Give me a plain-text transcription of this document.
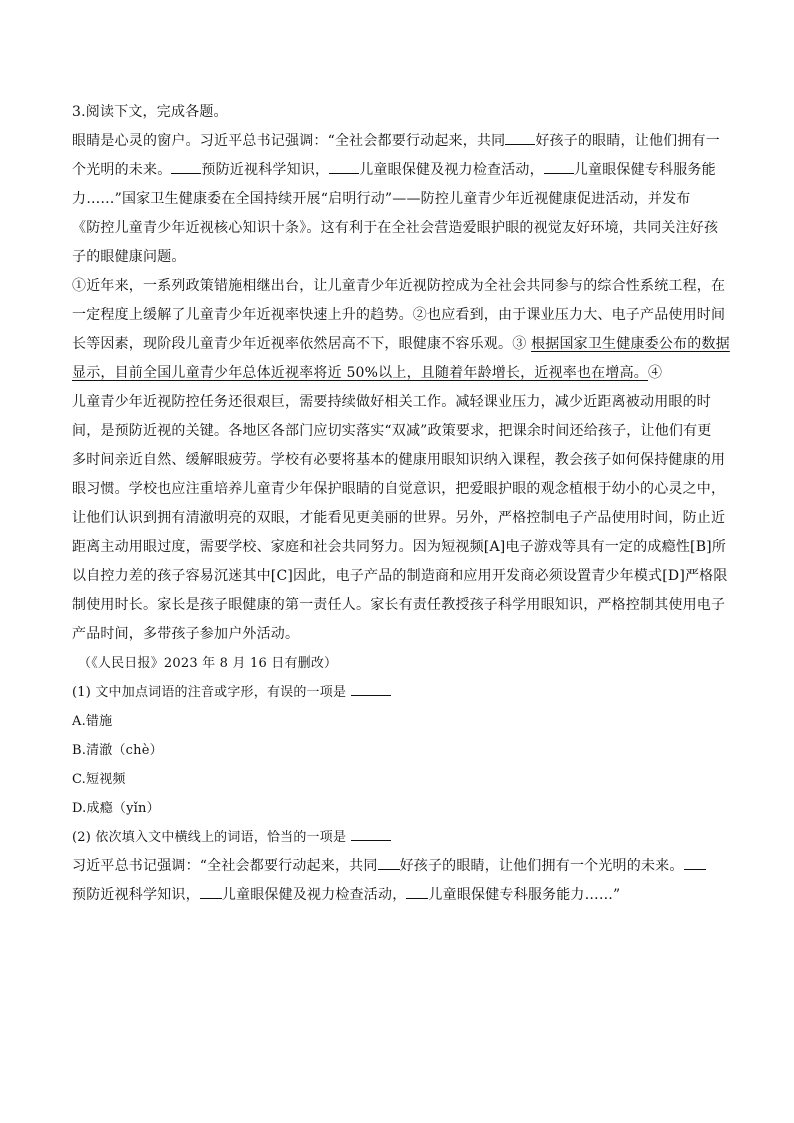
3.阅读下文，完成各题。
眼睛是心灵的窗户。习近平总书记强调：“全社会都要行动起来，共同 好孩子的眼睛，让他们拥有一
个光明的未来。 预防近视科学知识， 儿童眼保健及视力检查活动， 儿童眼保健专科服务能
力……”国家卫生健康委在全国持续开展“启明行动”——防控儿童青少年近视健康促进活动，并发布
《防控儿童青少年近视核心知识十条》。这有利于在全社会营造爱眼护眼的视觉友好环境，共同关注好孩
子的眼健康问题。
①近年来，一系列政策错施相继出台，让儿童青少年近视防控成为全社会共同参与的综合性系统工程，在
一定程度上缓解了儿童青少年近视率快速上升的趋势。②也应看到，由于课业压力大、电子产品使用时间
长等因素，现阶段儿童青少年近视率依然居高不下，眼健康不容乐观。③ 根据国家卫生健康委公布的数据
显示，目前全国儿童青少年总体近视率将近 50%以上，且随着年龄增长，近视率也在增高。④
儿童青少年近视防控任务还很艰巨，需要持续做好相关工作。减轻课业压力，减少近距离被动用眼的时
间，是预防近视的关键。各地区各部门应切实落实“双减”政策要求，把课余时间还给孩子，让他们有更
多时间亲近自然、缓解眼疲劳。学校有必要将基本的健康用眼知识纳入课程，教会孩子如何保持健康的用
眼习惯。学校也应注重培养儿童青少年保护眼睛的自觉意识，把爱眼护眼的观念植根于幼小的心灵之中，
让他们认识到拥有清澈明亮的双眼，才能看见更美丽的世界。另外，严格控制电子产品使用时间，防止近
距离主动用眼过度，需要学校、家庭和社会共同努力。因为短视频[A]电子游戏等具有一定的成瘾性[B]所
以自控力差的孩子容易沉迷其中[C]因此，电子产品的制造商和应用开发商必须设置青少年模式[D]严格限
制使用时长。家长是孩子眼健康的第一责任人。家长有责任教授孩子科学用眼知识，严格控制其使用电子
产品时间，多带孩子参加户外活动。
（《人民日报》2023 年 8 月 16 日有删改）
(1) 文中加点词语的注音或字形，有误的一项是
A.错施
B.清澈（chè）
C.短视频
D.成瘾（yǐn）
(2) 依次填入文中横线上的词语，恰当的一项是
习近平总书记强调：“全社会都要行动起来，共同 好孩子的眼睛，让他们拥有一个光明的未来。
预防近视科学知识， 儿童眼保健及视力检查活动， 儿童眼保健专科服务能力……”
